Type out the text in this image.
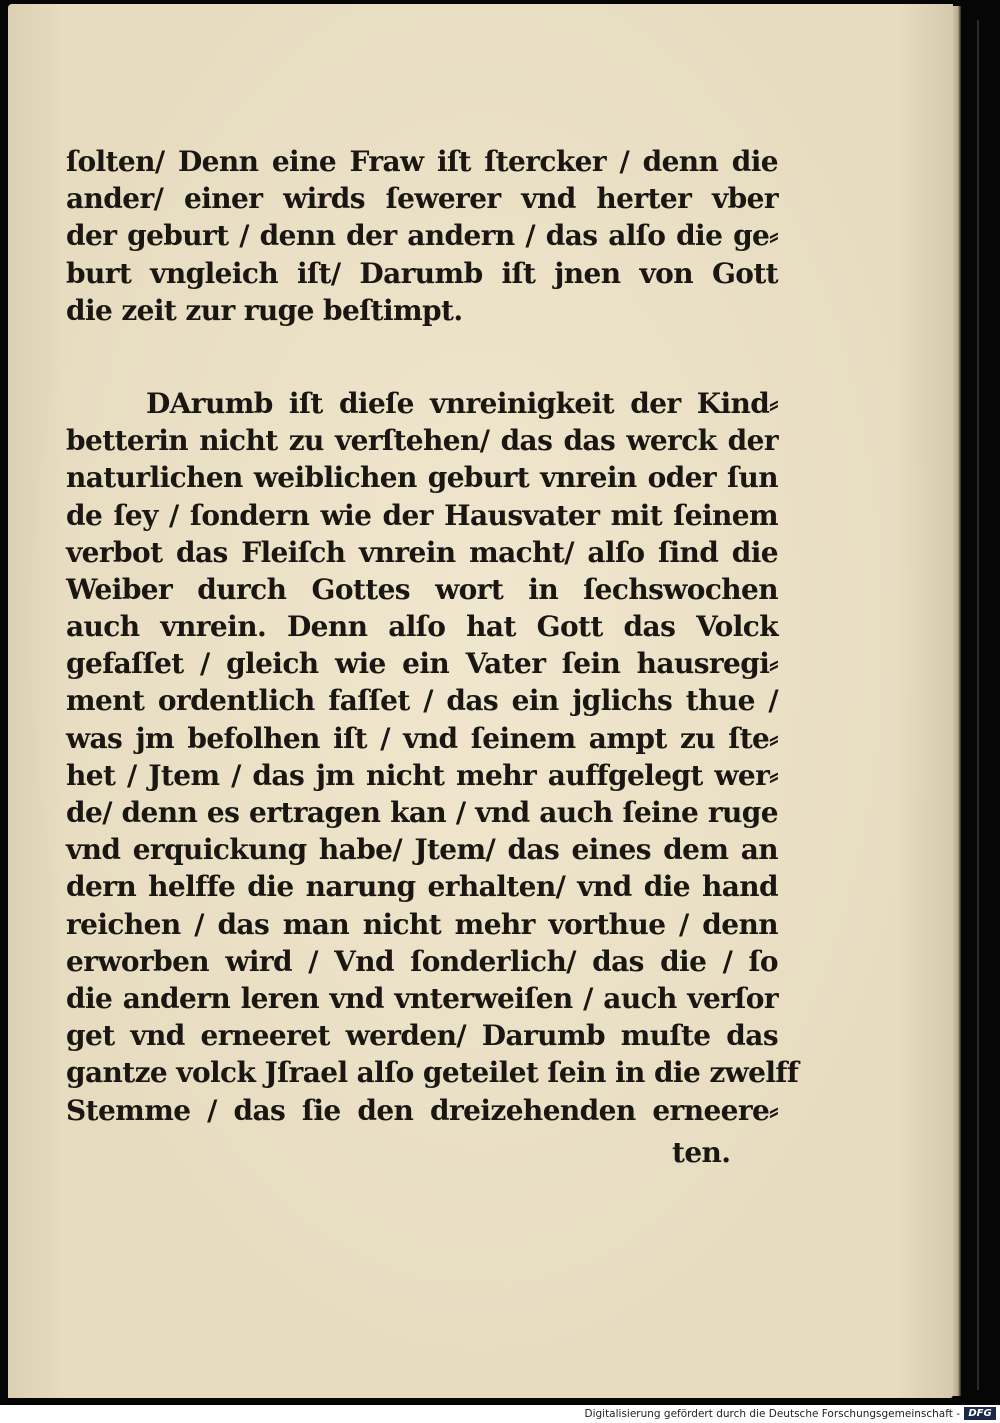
ſolten/ Denn eine Fraw iſt ſtercker / denn die
ander/ einer wirds ſewerer vnd herter vber
der geburt / denn der andern / das alſo die ge⸗
burt vngleich iſt/ Darumb iſt jnen von Gott
die zeit zur ruge beſtimpt.
DArumb iſt dieſe vnreinigkeit der Kind⸗
betterin nicht zu verſtehen/ das das werck der
naturlichen weiblichen geburt vnrein oder ſun
de ſey / ſondern wie der Hausvater mit ſeinem
verbot das Fleiſch vnrein macht/ alſo ſind die
Weiber durch Gottes wort in ſechswochen
auch vnrein. Denn alſo hat Gott das Volck
gefaſſet / gleich wie ein Vater ſein hausregi⸗
ment ordentlich faſſet / das ein jglichs thue /
was jm befolhen iſt / vnd ſeinem ampt zu ſte⸗
het / Jtem / das jm nicht mehr auffgelegt wer⸗
de/ denn es ertragen kan / vnd auch ſeine ruge
vnd erquickung habe/ Jtem/ das eines dem an
dern helffe die narung erhalten/ vnd die hand
reichen / das man nicht mehr vorthue / denn
erworben wird / Vnd ſonderlich/ das die / ſo
die andern leren vnd vnterweiſen / auch verſor
get vnd erneeret werden/ Darumb muſte das
gantze volck Jſrael alſo geteilet ſein in die zwelff
Stemme / das ſie den dreizehenden erneere⸗
ten.
Digitalisierung gefördert durch die Deutsche Forschungsgemeinschaft - DFG
